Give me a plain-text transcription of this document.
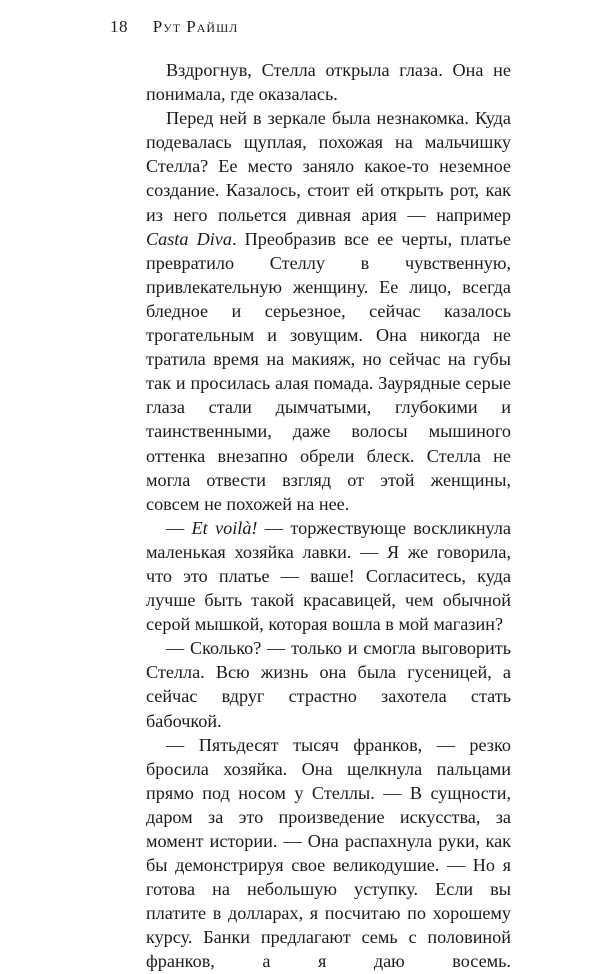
18 Рут Райшл

Вздрогнув, Стелла открыла глаза. Она не понимала, где оказалась.

Перед ней в зеркале была незнакомка. Куда подевалась щуплая, похожая на мальчишку Стелла? Ее место заняло какое-то неземное создание. Казалось, стоит ей открыть рот, как из него польется дивная ария — например Casta Diva. Преобразив все ее черты, платье превратило Стеллу в чувственную, привлекательную женщину. Ее лицо, всегда бледное и серьезное, сейчас казалось трогательным и зовущим. Она никогда не тратила время на макияж, но сейчас на губы так и просилась алая помада. Заурядные серые глаза стали дымчатыми, глубокими и таинственными, даже волосы мышиного оттенка внезапно обрели блеск. Стелла не могла отвести взгляд от этой женщины, совсем не похожей на нее.

— Et voilà! — торжествующе воскликнула маленькая хозяйка лавки. — Я же говорила, что это платье — ваше! Согласитесь, куда лучше быть такой красавицей, чем обычной серой мышкой, которая вошла в мой магазин?

— Сколько? — только и смогла выговорить Стелла. Всю жизнь она была гусеницей, а сейчас вдруг страстно захотела стать бабочкой.

— Пятьдесят тысяч франков, — резко бросила хозяйка. Она щелкнула пальцами прямо под носом у Стеллы. — В сущности, даром за это произведение искусства, за момент истории. — Она распахнула руки, как бы демонстрируя свое великодушие. — Но я готова на небольшую уступку. Если вы платите в долларах, я посчитаю по хорошему курсу. Банки предлагают семь с половиной франков, а я даю восемь.
